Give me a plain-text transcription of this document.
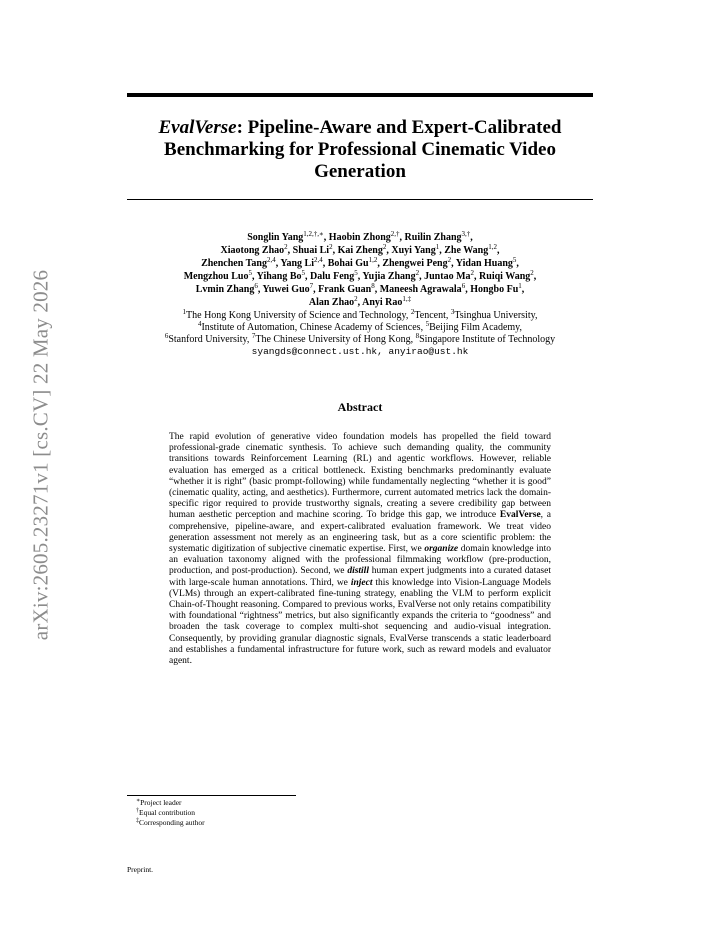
arXiv:2605.23271v1 [cs.CV] 22 May 2026
EvalVerse: Pipeline-Aware and Expert-Calibrated Benchmarking for Professional Cinematic Video Generation
Songlin Yang$^{1,2,\dagger,∗}$, Haobin Zhong$^{2,\dagger}$, Ruilin Zhang$^{3,\dagger}$,
Xiaotong Zhao$^2$, Shuai Li$^2$, Kai Zheng$^2$, Xuyi Yang$^1$, Zhe Wang$^{1,2}$,
Zhenchen Tang$^{2,4}$, Yang Li$^{2,4}$, Bohai Gu$^{1,2}$, Zhengwei Peng$^2$, Yidan Huang$^5$,
Mengzhou Luo$^5$, Yihang Bo$^5$, Dalu Feng$^5$, Yujia Zhang$^2$, Juntao Ma$^2$, Ruiqi Wang$^2$,
Lvmin Zhang$^6$, Yuwei Guo$^7$, Frank Guan$^8$, Maneesh Agrawala$^6$, Hongbo Fu$^1$,
Alan Zhao$^2$, Anyi Rao$^{1,\ddagger}$
$^1$The Hong Kong University of Science and Technology, $^2$Tencent, $^3$Tsinghua University,
$^4$Institute of Automation, Chinese Academy of Sciences, $^5$Beijing Film Academy,
$^6$Stanford University, $^7$The Chinese University of Hong Kong, $^8$Singapore Institute of Technology
syangds@connect.ust.hk, anyirao@ust.hk
Abstract
The rapid evolution of generative video foundation models has propelled the field toward professional-grade cinematic synthesis. To achieve such demanding quality, the community transitions towards Reinforcement Learning (RL) and agentic workflows. However, reliable evaluation has emerged as a critical bottleneck. Existing benchmarks predominantly evaluate “whether it is right” (basic prompt-following) while fundamentally neglecting “whether it is good” (cinematic quality, acting, and aesthetics). Furthermore, current automated metrics lack the domain-specific rigor required to provide trustworthy signals, creating a severe credibility gap between human aesthetic perception and machine scoring. To bridge this gap, we introduce EvalVerse, a comprehensive, pipeline-aware, and expert-calibrated evaluation framework. We treat video generation assessment not merely as an engineering task, but as a core scientific problem: the systematic digitization of subjective cinematic expertise. First, we organize domain knowledge into an evaluation taxonomy aligned with the professional filmmaking workflow (pre-production, production, and post-production). Second, we distill human expert judgments into a curated dataset with large-scale human annotations. Third, we inject this knowledge into Vision-Language Models (VLMs) through an expert-calibrated fine-tuning strategy, enabling the VLM to perform explicit Chain-of-Thought reasoning. Compared to previous works, EvalVerse not only retains compatibility with foundational “rightness” metrics, but also significantly expands the criteria to “goodness” and broaden the task coverage to complex multi-shot sequencing and audio-visual integration. Consequently, by providing granular diagnostic signals, EvalVerse transcends a static leaderboard and establishes a fundamental infrastructure for future work, such as reward models and evaluator agent.
∗Project leader
†Equal contribution
‡Corresponding author
Preprint.
